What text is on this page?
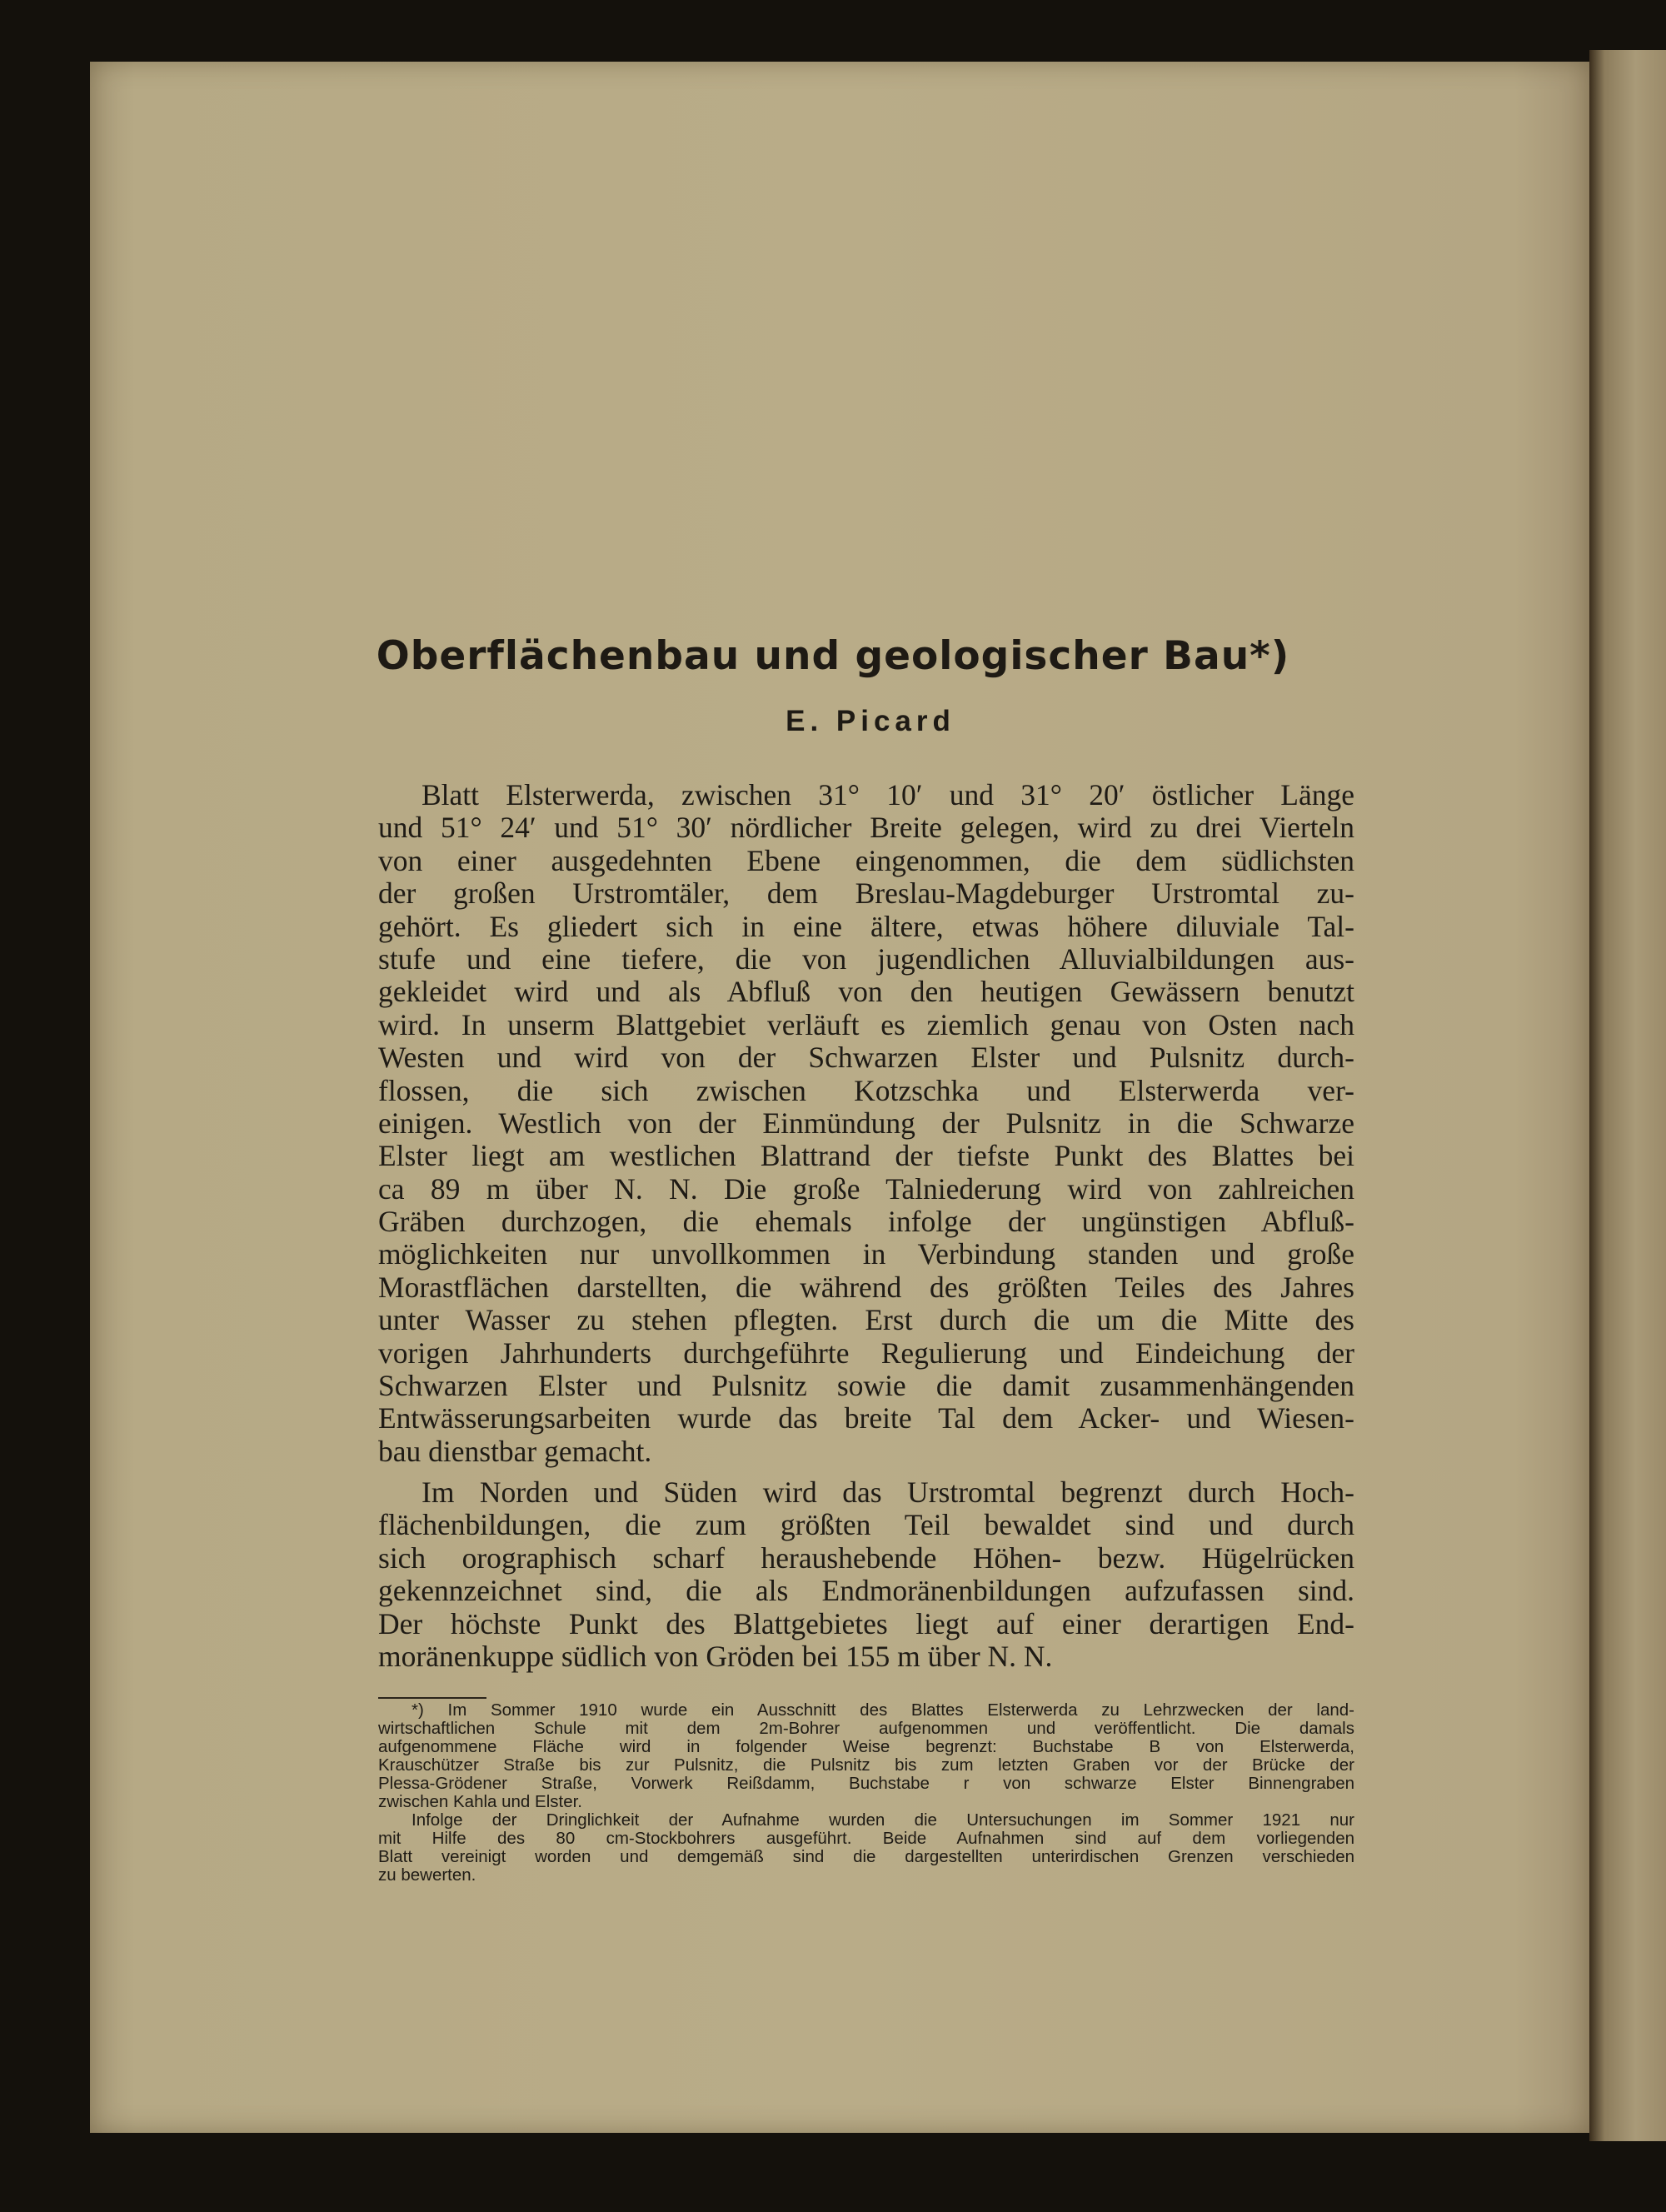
Oberflächenbau und geologischer Bau*)
E. Picard
Blatt Elsterwerda, zwischen 31° 10′ und 31° 20′ östlicher Länge
und 51° 24′ und 51° 30′ nördlicher Breite gelegen, wird zu drei Vierteln
von einer ausgedehnten Ebene eingenommen, die dem südlichsten
der großen Urstromtäler, dem Breslau-Magdeburger Urstromtal zu-
gehört. Es gliedert sich in eine ältere, etwas höhere diluviale Tal-
stufe und eine tiefere, die von jugendlichen Alluvialbildungen aus-
gekleidet wird und als Abfluß von den heutigen Gewässern benutzt
wird. In unserm Blattgebiet verläuft es ziemlich genau von Osten nach
Westen und wird von der Schwarzen Elster und Pulsnitz durch-
flossen, die sich zwischen Kotzschka und Elsterwerda ver-
einigen. Westlich von der Einmündung der Pulsnitz in die Schwarze
Elster liegt am westlichen Blattrand der tiefste Punkt des Blattes bei
ca 89 m über N. N. Die große Talniederung wird von zahlreichen
Gräben durchzogen, die ehemals infolge der ungünstigen Abfluß-
möglichkeiten nur unvollkommen in Verbindung standen und große
Morastflächen darstellten, die während des größten Teiles des Jahres
unter Wasser zu stehen pflegten. Erst durch die um die Mitte des
vorigen Jahrhunderts durchgeführte Regulierung und Eindeichung der
Schwarzen Elster und Pulsnitz sowie die damit zusammenhängenden
Entwässerungsarbeiten wurde das breite Tal dem Acker- und Wiesen-
bau dienstbar gemacht.
Im Norden und Süden wird das Urstromtal begrenzt durch Hoch-
flächenbildungen, die zum größten Teil bewaldet sind und durch
sich orographisch scharf heraushebende Höhen- bezw. Hügelrücken
gekennzeichnet sind, die als Endmoränenbildungen aufzufassen sind.
Der höchste Punkt des Blattgebietes liegt auf einer derartigen End-
moränenkuppe südlich von Gröden bei 155 m über N. N.
*) Im Sommer 1910 wurde ein Ausschnitt des Blattes Elsterwerda zu Lehrzwecken der land-
wirtschaftlichen Schule mit dem 2m-Bohrer aufgenommen und veröffentlicht. Die damals
aufgenommene Fläche wird in folgender Weise begrenzt: Buchstabe B von Elsterwerda,
Krauschützer Straße bis zur Pulsnitz, die Pulsnitz bis zum letzten Graben vor der Brücke der
Plessa-Grödener Straße, Vorwerk Reißdamm, Buchstabe r von schwarze Elster Binnengraben
zwischen Kahla und Elster.
Infolge der Dringlichkeit der Aufnahme wurden die Untersuchungen im Sommer 1921 nur
mit Hilfe des 80 cm-Stockbohrers ausgeführt. Beide Aufnahmen sind auf dem vorliegenden
Blatt vereinigt worden und demgemäß sind die dargestellten unterirdischen Grenzen verschieden
zu bewerten.
